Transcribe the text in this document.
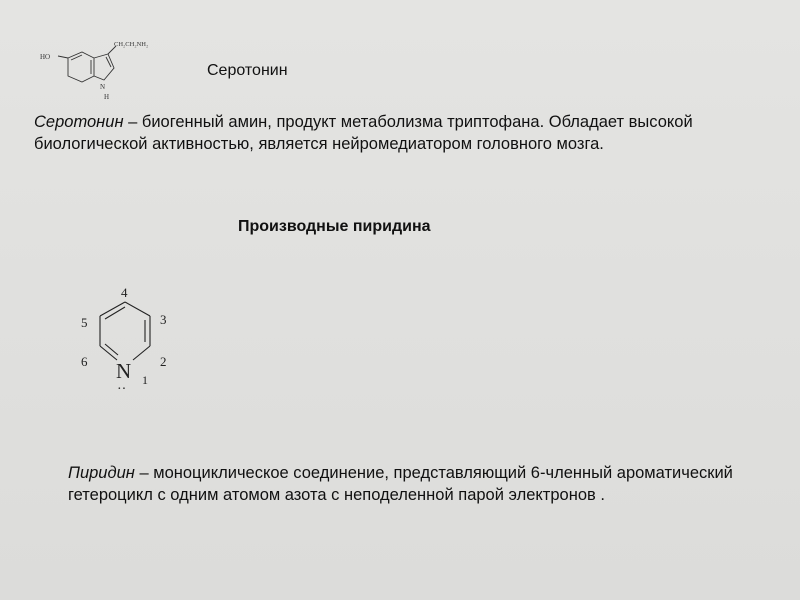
HO
CH₂CH₂NH₂
N
H
Серотонин
Серотонин – биогенный амин, продукт метаболизма триптофана. Обладает высокой биологической активностью, является нейромедиатором головного мозга.
Производные пиридина
4
5	3
6	2
1
N
··
Пиридин – моноциклическое соединение, представляющий 6-членный ароматический гетероцикл с одним атомом азота с неподеленной парой электронов .
